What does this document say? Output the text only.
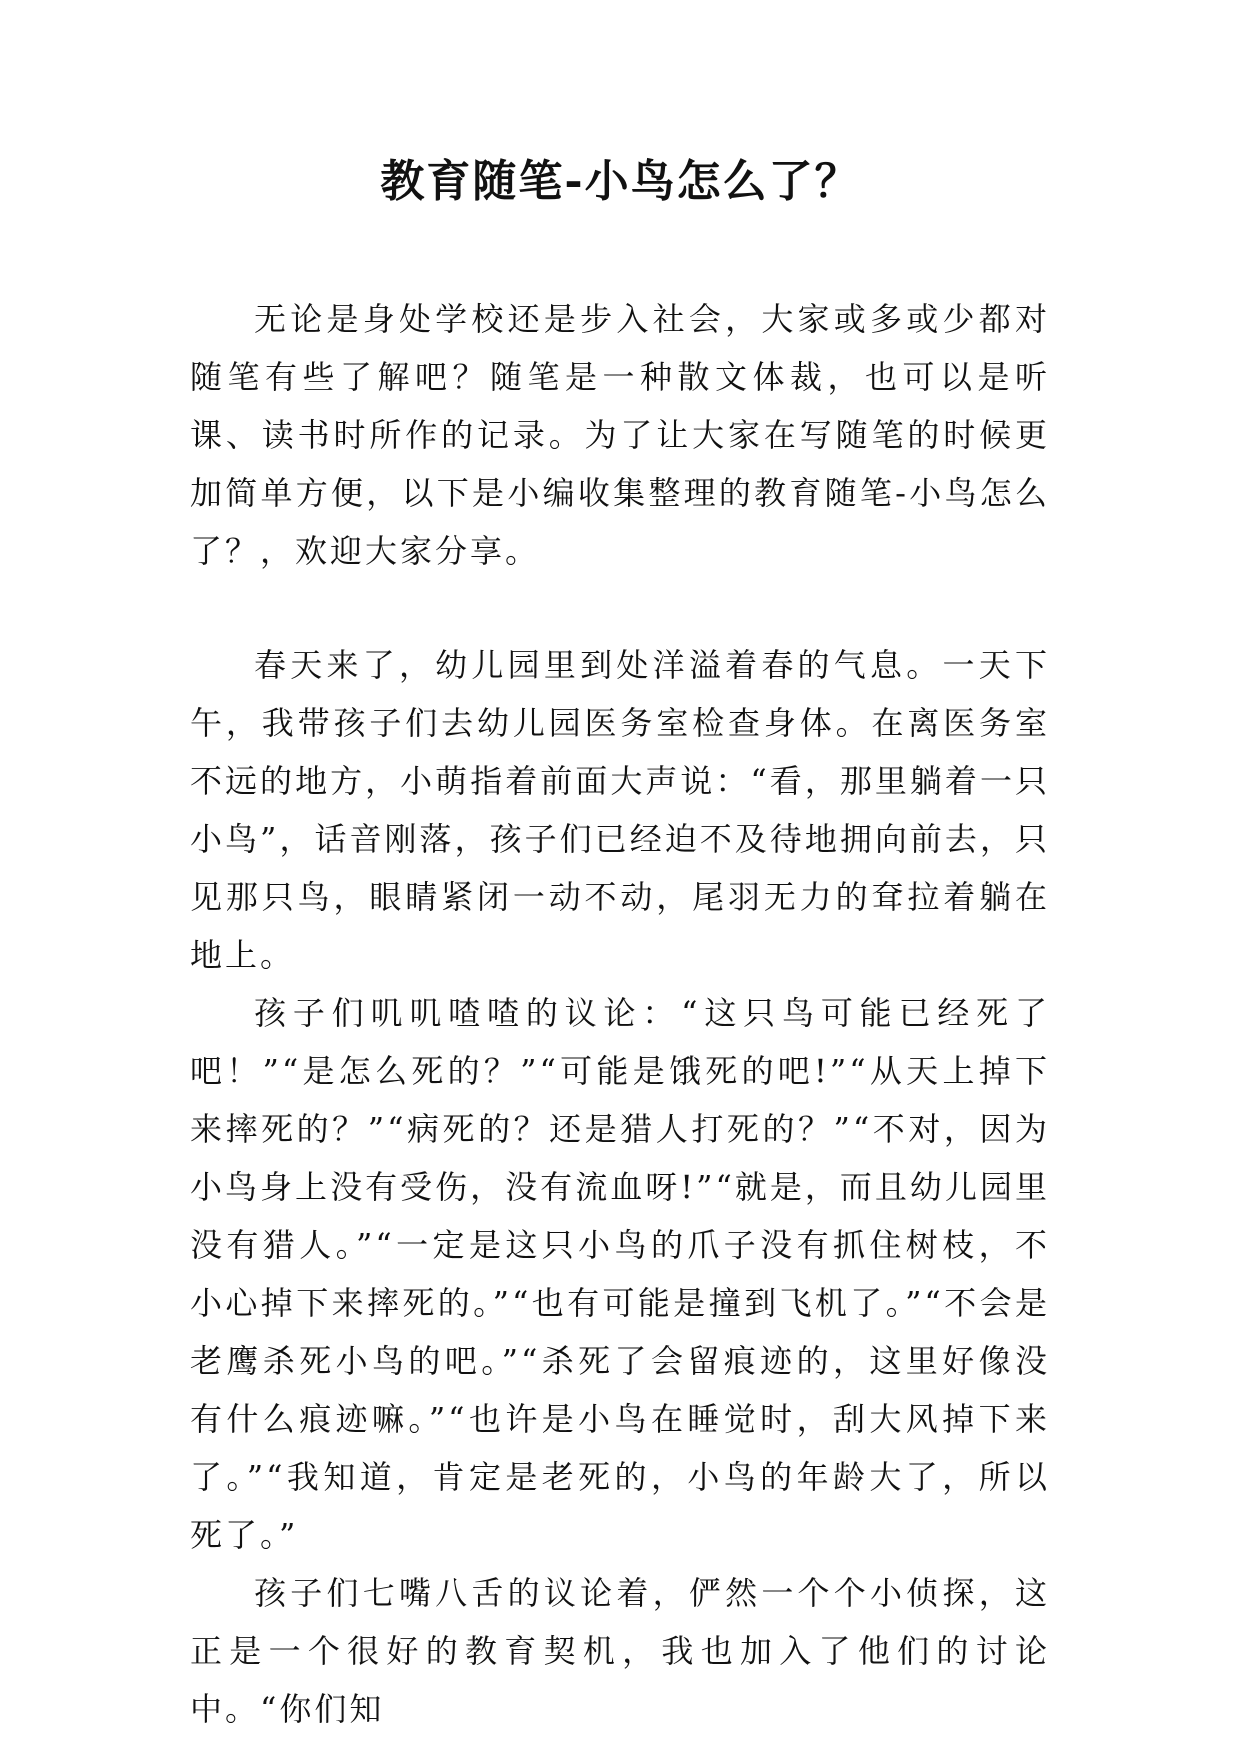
教育随笔-小鸟怎么了？

无论是身处学校还是步入社会，大家或多或少都对随笔有些了解吧？随笔是一种散文体裁，也可以是听课、读书时所作的记录。为了让大家在写随笔的时候更加简单方便，以下是小编收集整理的教育随笔-小鸟怎么了？，欢迎大家分享。

春天来了，幼儿园里到处洋溢着春的气息。一天下午，我带孩子们去幼儿园医务室检查身体。在离医务室不远的地方，小萌指着前面大声说：“看，那里躺着一只小鸟”，话音刚落，孩子们已经迫不及待地拥向前去，只见那只鸟，眼睛紧闭一动不动，尾羽无力的耷拉着躺在地上。

孩子们叽叽喳喳的议论：“这只鸟可能已经死了吧！”“是怎么死的？”“可能是饿死的吧!”“从天上掉下来摔死的？”“病死的？还是猎人打死的？”“不对，因为小鸟身上没有受伤，没有流血呀!”“就是，而且幼儿园里没有猎人。”“一定是这只小鸟的爪子没有抓住树枝，不小心掉下来摔死的。”“也有可能是撞到飞机了。”“不会是老鹰杀死小鸟的吧。”“杀死了会留痕迹的，这里好像没有什么痕迹嘛。”“也许是小鸟在睡觉时，刮大风掉下来了。”“我知道，肯定是老死的，小鸟的年龄大了，所以死了。”

孩子们七嘴八舌的议论着，俨然一个个小侦探，这正是一个很好的教育契机，我也加入了他们的讨论中。“你们知
